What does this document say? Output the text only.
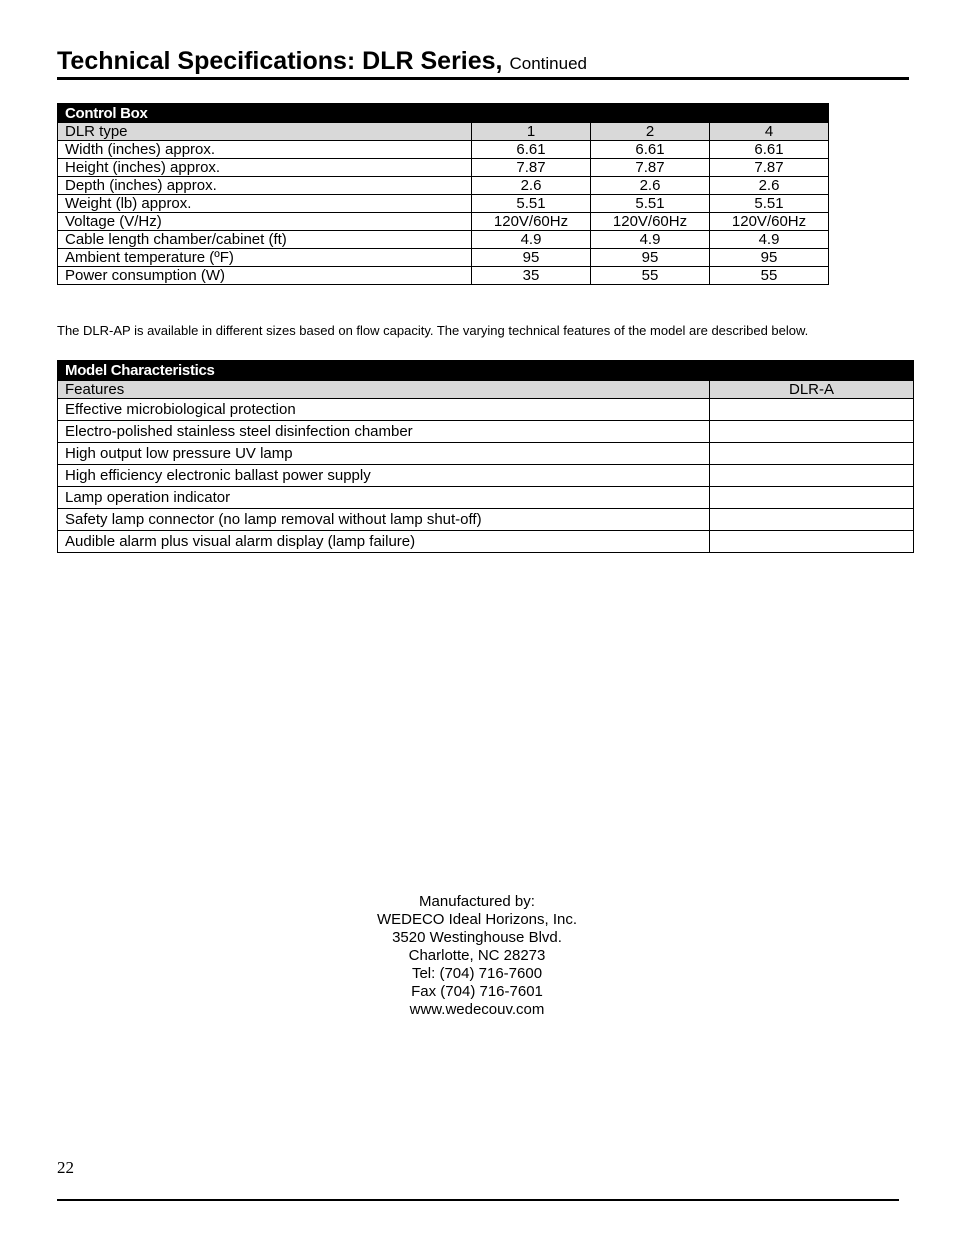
Technical Specifications: DLR Series, Continued
Control Box			
DLR type	1	2	4
Width (inches) approx.	6.61	6.61	6.61
Height (inches) approx.	7.87	7.87	7.87
Depth (inches) approx.	2.6	2.6	2.6
Weight (lb) approx.	5.51	5.51	5.51
Voltage (V/Hz)	120V/60Hz	120V/60Hz	120V/60Hz
Cable length chamber/cabinet (ft)	4.9	4.9	4.9
Ambient temperature (ºF)	95	95	95
Power consumption (W)	35	55	55
The DLR-AP is available in different sizes based on flow capacity. The varying technical features of the model are described below.
Model Characteristics	
Features	DLR-A
Effective microbiological protection	
Electro-polished stainless steel disinfection chamber	
High output low pressure UV lamp	
High efficiency electronic ballast power supply	
Lamp operation indicator	
Safety lamp connector (no lamp removal without lamp shut-off)	
Audible alarm plus visual alarm display (lamp failure)	
Manufactured by:
WEDECO Ideal Horizons, Inc.
3520 Westinghouse Blvd.
Charlotte, NC 28273
Tel: (704) 716-7600
Fax (704) 716-7601
www.wedecouv.com
22
